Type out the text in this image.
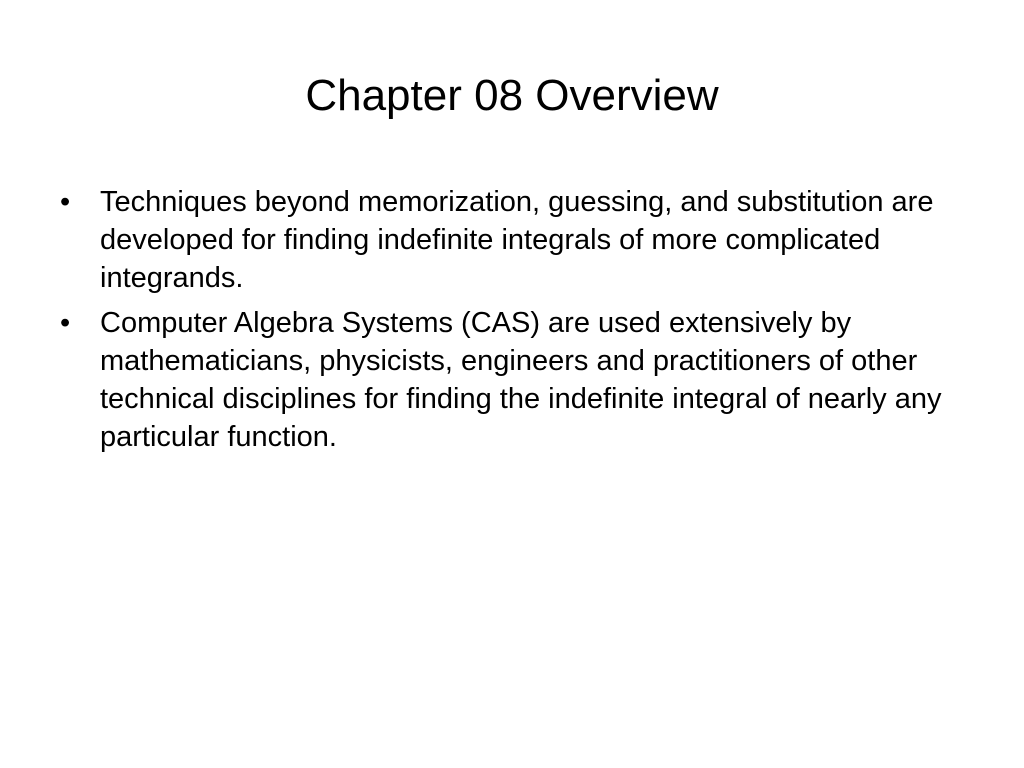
Chapter 08 Overview
•	Techniques beyond memorization, guessing, and substitution are developed for finding indefinite integrals of more complicated integrands.
•	Computer Algebra Systems (CAS) are used extensively by mathematicians, physicists, engineers and practitioners of other technical disciplines for finding the indefinite integral of nearly any particular function.
